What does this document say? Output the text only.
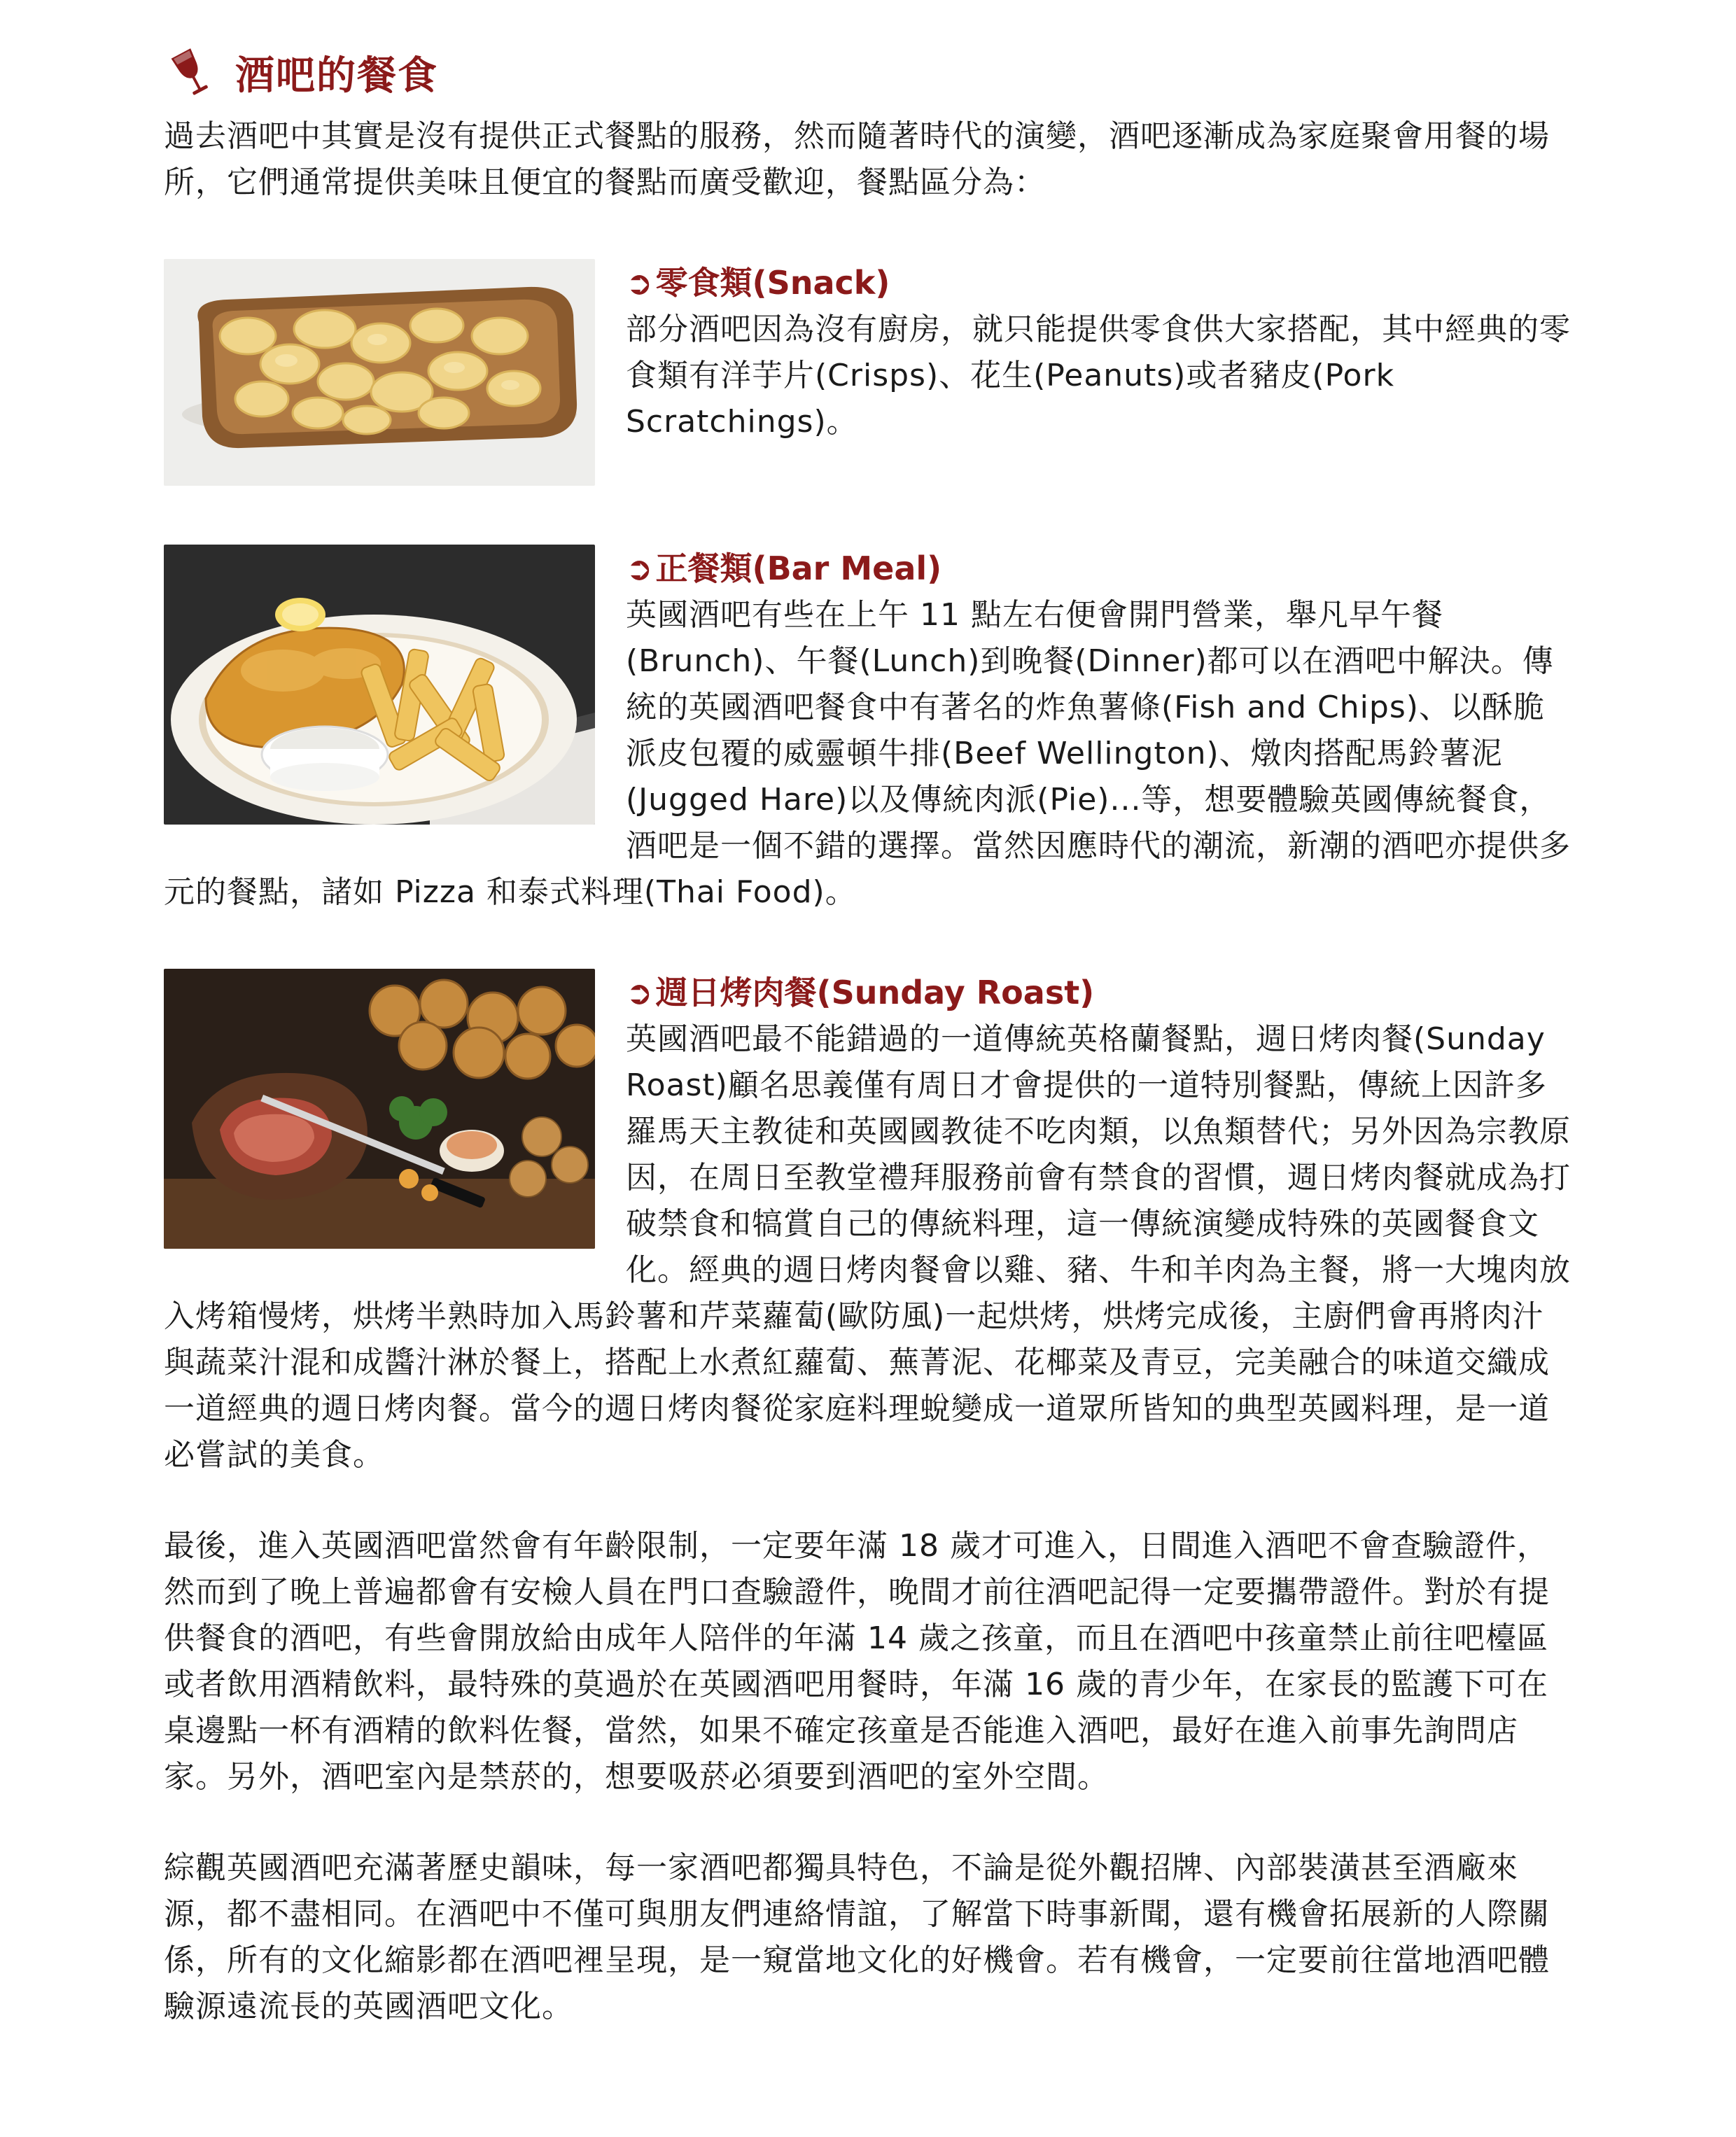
酒吧的餐食

過去酒吧中其實是沒有提供正式餐點的服務，然而隨著時代的演變，酒吧逐漸成為家庭聚會用餐的場所，它們通常提供美味且便宜的餐點而廣受歡迎，餐點區分為：

➲零食類(Snack)

部分酒吧因為沒有廚房，就只能提供零食供大家搭配，其中經典的零食類有洋芋片(Crisps)、花生(Peanuts)或者豬皮(Pork Scratchings)。

➲正餐類(Bar Meal)

英國酒吧有些在上午 11 點左右便會開門營業，舉凡早午餐(Brunch)、午餐(Lunch)到晚餐(Dinner)都可以在酒吧中解決。傳統的英國酒吧餐食中有著名的炸魚薯條(Fish and Chips)、以酥脆派皮包覆的威靈頓牛排(Beef Wellington)、燉肉搭配馬鈴薯泥(Jugged Hare)以及傳統肉派(Pie)...等，想要體驗英國傳統餐食，酒吧是一個不錯的選擇。當然因應時代的潮流，新潮的酒吧亦提供多元的餐點，諸如 Pizza 和泰式料理(Thai Food)。

➲週日烤肉餐(Sunday Roast)

英國酒吧最不能錯過的一道傳統英格蘭餐點，週日烤肉餐(Sunday Roast)顧名思義僅有周日才會提供的一道特別餐點，傳統上因許多羅馬天主教徒和英國國教徒不吃肉類，以魚類替代；另外因為宗教原因，在周日至教堂禮拜服務前會有禁食的習慣，週日烤肉餐就成為打破禁食和犒賞自己的傳統料理，這一傳統演變成特殊的英國餐食文化。經典的週日烤肉餐會以雞、豬、牛和羊肉為主餐，將一大塊肉放入烤箱慢烤，烘烤半熟時加入馬鈴薯和芹菜蘿蔔(歐防風)一起烘烤，烘烤完成後，主廚們會再將肉汁與蔬菜汁混和成醬汁淋於餐上，搭配上水煮紅蘿蔔、蕪菁泥、花椰菜及青豆，完美融合的味道交織成一道經典的週日烤肉餐。當今的週日烤肉餐從家庭料理蛻變成一道眾所皆知的典型英國料理，是一道必嘗試的美食。

最後，進入英國酒吧當然會有年齡限制，一定要年滿 18 歲才可進入，日間進入酒吧不會查驗證件，然而到了晚上普遍都會有安檢人員在門口查驗證件，晚間才前往酒吧記得一定要攜帶證件。對於有提供餐食的酒吧，有些會開放給由成年人陪伴的年滿 14 歲之孩童，而且在酒吧中孩童禁止前往吧檯區或者飲用酒精飲料，最特殊的莫過於在英國酒吧用餐時，年滿 16 歲的青少年，在家長的監護下可在桌邊點一杯有酒精的飲料佐餐，當然，如果不確定孩童是否能進入酒吧，最好在進入前事先詢問店家。另外，酒吧室內是禁菸的，想要吸菸必須要到酒吧的室外空間。

綜觀英國酒吧充滿著歷史韻味，每一家酒吧都獨具特色，不論是從外觀招牌、內部裝潢甚至酒廠來源，都不盡相同。在酒吧中不僅可與朋友們連絡情誼，了解當下時事新聞，還有機會拓展新的人際關係，所有的文化縮影都在酒吧裡呈現，是一窺當地文化的好機會。若有機會，一定要前往當地酒吧體驗源遠流長的英國酒吧文化。
